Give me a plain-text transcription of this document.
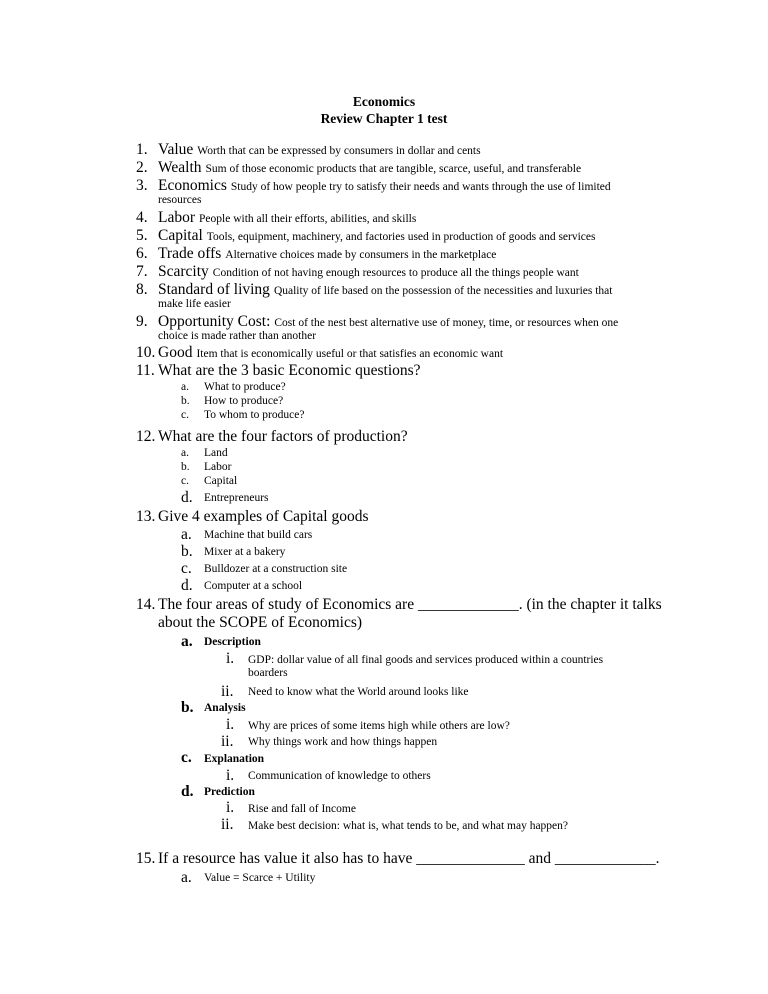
Economics
Review Chapter 1 test
1. Value Worth that can be expressed by consumers in dollar and cents
2. Wealth Sum of those economic products that are tangible, scarce, useful, and transferable
3. Economics Study of how people try to satisfy their needs and wants through the use of limited
resources
4. Labor People with all their efforts, abilities, and skills
5. Capital Tools, equipment, machinery, and factories used in production of goods and services
6. Trade offs Alternative choices made by consumers in the marketplace
7. Scarcity Condition of not having enough resources to produce all the things people want
8. Standard of living Quality of life based on the possession of the necessities and luxuries that
make life easier
9. Opportunity Cost: Cost of the nest best alternative use of money, time, or resources when one
choice is made rather than another
10. Good Item that is economically useful or that satisfies an economic want
11. What are the 3 basic Economic questions?
a. What to produce?
b. How to produce?
c. To whom to produce?
12. What are the four factors of production?
a. Land
b. Labor
c. Capital
d. Entrepreneurs
13. Give 4 examples of Capital goods
a. Machine that build cars
b. Mixer at a bakery
c. Bulldozer at a construction site
d. Computer at a school
14. The four areas of study of Economics are _____________. (in the chapter it talks
about the SCOPE of Economics)
a. Description
i. GDP: dollar value of all final goods and services produced within a countries
boarders
ii. Need to know what the World around looks like
b. Analysis
i. Why are prices of some items high while others are low?
ii. Why things work and how things happen
c. Explanation
i. Communication of knowledge to others
d. Prediction
i. Rise and fall of Income
ii. Make best decision: what is, what tends to be, and what may happen?
15. If a resource has value it also has to have ______________ and _____________.
a. Value = Scarce + Utility
